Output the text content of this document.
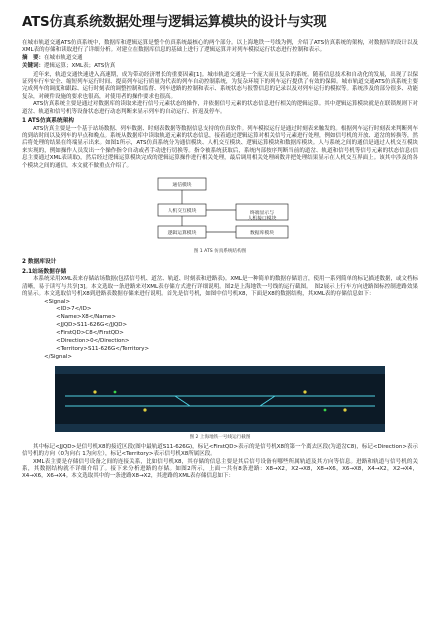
ATS仿真系统数据处理与逻辑运算模块的设计与实现
在城市轨道交通ATS仿真系统中，数据库和逻辑运算是整个仿真系统最核心的两个部分。以上海地铁一号线为例，介绍了ATS仿真系统的架构，对数据库的设计以及XML表的存储和读取进行了详细分析。对建立在数据库信息的基础上进行了逻辑运算并对列车模拟运行状态进行控制和表示。
摘　要：在城市轨道交通
关键词：逻辑运算；XML表；ATS仿真
近年来，轨道交通快速进入高速期，成为带动经济增长的重要因素[1]。城市轨道交通是一个庞大而且复杂的系统。随着信息技术和自动化的发展，出现了以保证列车行车安全、缩短列车运行时间、提高列车运行质量为代表的列车自动控制系统，为复杂环境下的列车运行提供了有效的保障。城市轨道交通ATS仿真系统主要完成列车的调度和跟踪、运行时刻表的调整控制和监督、列车进路的控制和表示、系统状态与报警信息的记录以及对列车运行的模拟等。系统涉及的部分很多、功能复杂，对硬件设施的要求也很高，对使用者的操作要求也很高。
ATS仿真系统主要是通过对数据库的读取来进行信号元素状态的操作，并依据信号元素的状态信息进行相关的逻辑运算。其中逻辑运算模块就是在联锁规则下对道岔、轨道和信号机等设备状态进行动态判断来显示列车的自动运行、折返及停车。
1 ATS仿真系统架构
ATS仿真主要是一个基于站场数据、列车数据、时刻表数据等数据信息支持的仿真软件。列车模拟运行是通过时刻表来触发的。根据列车运行时刻表来判断列车的到站时间以及列车的早点和晚点。系统从数据库中读取轨道元素的状态信息，接着通过逻辑运算对相关信号元素进行处理，例如信号机的开放、道岔的转换等，然后将处理的结果在终端显示出来。如图1所示，ATS仿真系统分为通信模块、人机交互模块、逻辑运算模块和数据库模块。人与系统之间的通信是通过人机交互模块来实现的，例如操作人员发出一个操作指令自动或者手动进行切换等。指令被系统获取后，系统内部按序判断当前的道岔、轨道和信号机等信号元素的状态信息(信息主要通过XML表读取)，然后经过逻辑运算模块完成的逻辑运算操作进行相关处理，最后调用相关处理函数并把处理结果显示在人机交互界面上。该其中涉及的各个模块之间的通信，本文就不做重点介绍了。
通信模块
人机交互模块	终端显示与人机接口模块
逻辑运算模块	数据库模块
图 1 ATS 仿真系统结构图
2 数据库设计
2.1站场数据存储
本系统采用XML表来存储站场数据(包括信号机、道岔、轨道、时刻表和进路表)。XML是一种简单的数据存储语言，使用一系列简单的标记描述数据，或文档标清晰，易于读写与共享[3]。本文选取一条进路来对XML表存储方式进行详细说明。图2是上海地铁一号线的运行截图。　图2展示上行车方向进路图标控制进路效果的显示。本文选取信号机X8到进路表数据存储来进行说明。首先是信号机，如图中信号机X8，下面是X8的数据结构，其XML表的存储信息如下：
<Signal>
<ID>7</ID>
<Name>X8</Name>
<JJQD>S11-626G</JJQD>
<FirstQD>C8</FirstQD>
<Direction>0</Direction>
<Territory>S11-626G</Territory>
</Signal>
图 2 上海地铁一号线运行截图
其中标记<JJQD>是信号机X8的接近区段(图中最轨道S11-626G)，标记<FirstQD>表示的是信号机X8的第一个离去区段(为道岔C8)，标记<Direction>表示信号机的方向（0为向右 1为向左），标记<Territory>表示信号机X8所属区段。
XML表主要是存储信号设备之间的连接关系，比如信号机X8，其存储的信息主要是其后信号设备有哪些所属轨道及其方向等信息。进路和轨道与信号机的关系，其数据结构就不详细介绍了。接下来分析进路的存储。如图2所示，上面一共有8条进路：X8→X2，X2→X8，X8→X6，X6→X8，X4→X2，X2→X4，X4→X6，X6→X4。本文选取其中的一条进路X8→X2，其进路的XML表存储信息如下：
